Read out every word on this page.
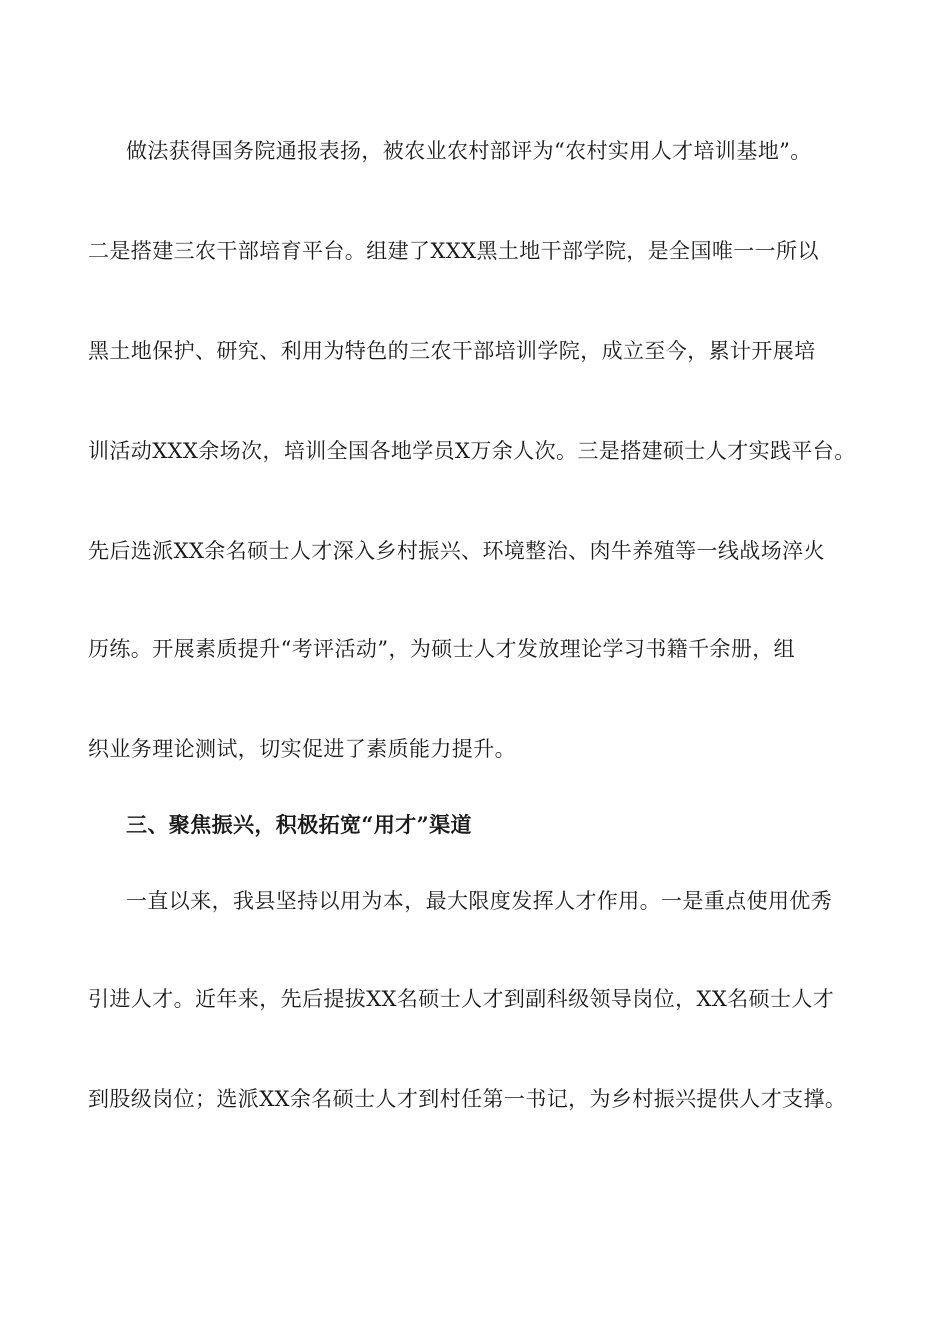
做法获得国务院通报表扬，被农业农村部评为“农村实用人才培训基地”。
二是搭建三农干部培育平台。组建了XXX黑土地干部学院，是全国唯一一所以
黑土地保护、研究、利用为特色的三农干部培训学院，成立至今，累计开展培
训活动XXX余场次，培训全国各地学员X万余人次。三是搭建硕士人才实践平台。
先后选派XX余名硕士人才深入乡村振兴、环境整治、肉牛养殖等一线战场淬火
历练。开展素质提升“考评活动”，为硕士人才发放理论学习书籍千余册，组
织业务理论测试，切实促进了素质能力提升。
三、聚焦振兴，积极拓宽“用才”渠道
一直以来，我县坚持以用为本，最大限度发挥人才作用。一是重点使用优秀
引进人才。近年来，先后提拔XX名硕士人才到副科级领导岗位，XX名硕士人才
到股级岗位；选派XX余名硕士人才到村任第一书记，为乡村振兴提供人才支撑。
